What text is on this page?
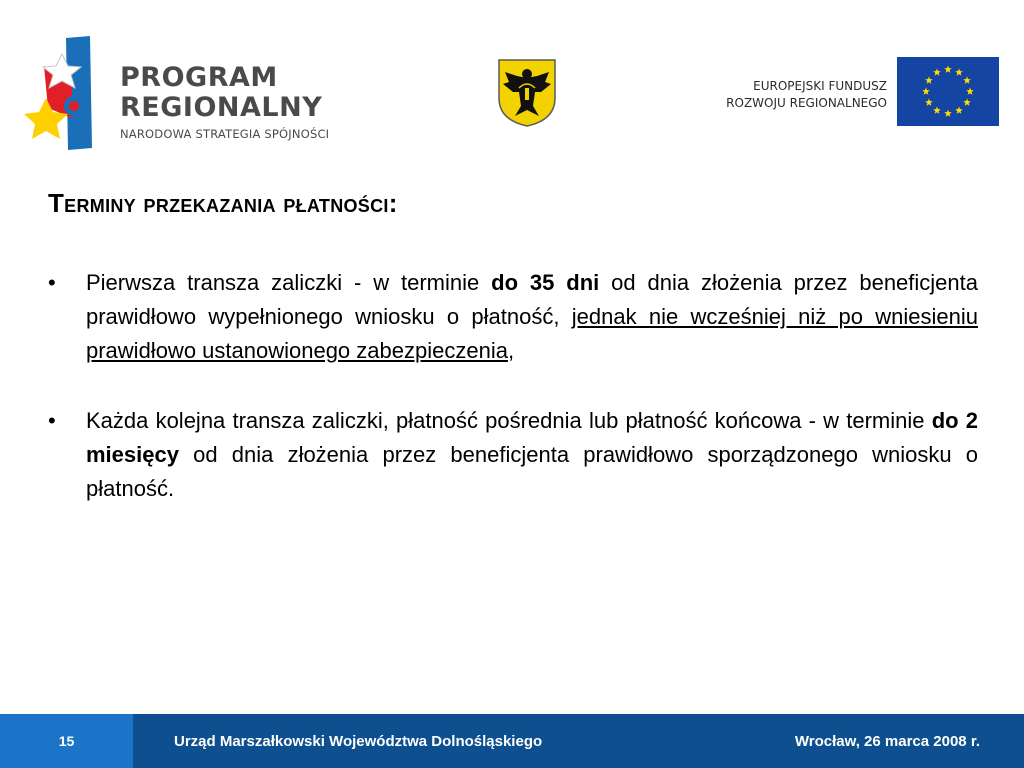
PROGRAM
REGIONALNY
NARODOWA STRATEGIA SPÓJNOŚCI
EUROPEJSKI FUNDUSZ
ROZWOJU REGIONALNEGO
Terminy przekazania płatności:
• Pierwsza transza zaliczki - w terminie do 35 dni od dnia złożenia przez beneficjenta prawidłowo wypełnionego wniosku o płatność, jednak nie wcześniej niż po wniesieniu prawidłowo ustanowionego zabezpieczenia,
• Każda kolejna transza zaliczki, płatność pośrednia lub płatność końcowa - w terminie do 2 miesięcy od dnia złożenia przez beneficjenta prawidłowo sporządzonego wniosku o płatność.
15	Urząd Marszałkowski Województwa Dolnośląskiego	Wrocław, 26 marca 2008 r.
